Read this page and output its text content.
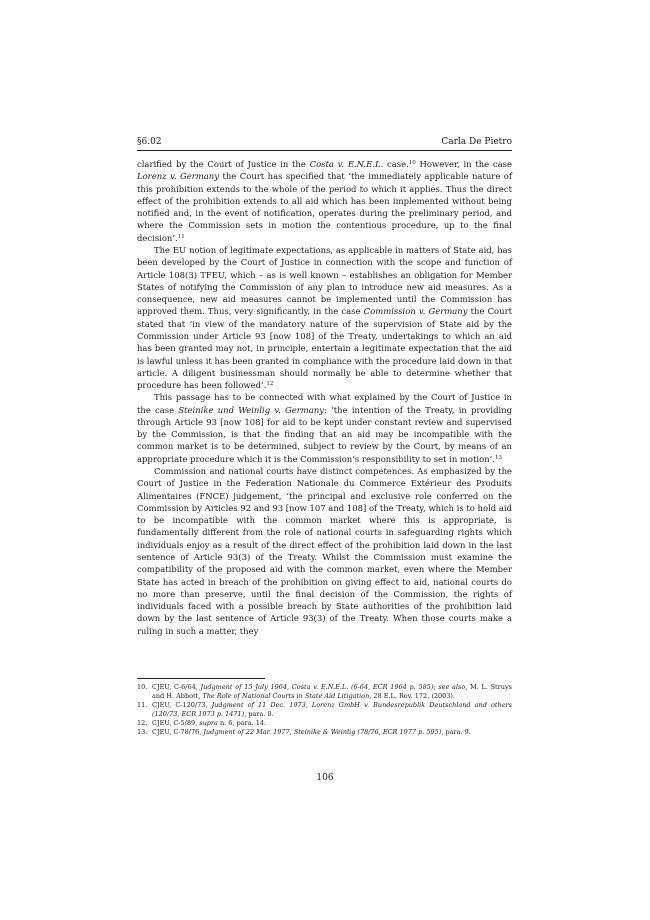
§6.02	Carla De Pietro

clarified by the Court of Justice in the Costa v. E.N.E.L. case.$^{10}$ However, in the case Lorenz v. Germany the Court has specified that ‘the immediately applicable nature of this prohibition extends to the whole of the period to which it applies. Thus the direct effect of the prohibition extends to all aid which has been implemented without being notified and, in the event of notification, operates during the preliminary period, and where the Commission sets in motion the contentious procedure, up to the final decision’.$^{11}$

The EU notion of legitimate expectations, as applicable in matters of State aid, has been developed by the Court of Justice in connection with the scope and function of Article 108(3) TFEU, which – as is well known – establishes an obligation for Member States of notifying the Commission of any plan to introduce new aid measures. As a consequence, new aid measures cannot be implemented until the Commission has approved them. Thus, very significantly, in the case Commission v. Germany the Court stated that ‘in view of the mandatory nature of the supervision of State aid by the Commission under Article 93 [now 108] of the Treaty, undertakings to which an aid has been granted may not, in principle, entertain a legitimate expectation that the aid is lawful unless it has been granted in compliance with the procedure laid down in that article. A diligent businessman should normally be able to determine whether that procedure has been followed’.$^{12}$

This passage has to be connected with what explained by the Court of Justice in the case Steinike und Weinlig v. Germany: ‘the intention of the Treaty, in providing through Article 93 [now 108] for aid to be kept under constant review and supervised by the Commission, is that the finding that an aid may be incompatible with the common market is to be determined, subject to review by the Court, by means of an appropriate procedure which it is the Commission’s responsibility to set in motion’.$^{13}$

Commission and national courts have distinct competences. As emphasized by the Court of Justice in the Federation Nationale du Commerce Extérieur des Produits Alimentaires (FNCE) judgement, ‘the principal and exclusive role conferred on the Commission by Articles 92 and 93 [now 107 and 108] of the Treaty, which is to hold aid to be incompatible with the common market where this is appropriate, is fundamentally different from the role of national courts in safeguarding rights which individuals enjoy as a result of the direct effect of the prohibition laid down in the last sentence of Article 93(3) of the Treaty. Whilst the Commission must examine the compatibility of the proposed aid with the common market, even where the Member State has acted in breach of the prohibition on giving effect to aid, national courts do no more than preserve, until the final decision of the Commission, the rights of individuals faced with a possible breach by State authorities of the prohibition laid down by the last sentence of Article 93(3) of the Treaty. When those courts make a ruling in such a matter, they

10. CJEU, C-6/64, Judgment of 15 July 1964, Costa v. E.N.E.L. (6-64, ECR 1964 p. 585); see also, M. L. Struys and H. Abbott, The Role of National Courts in State Aid Litigation, 28 E.L. Rev. 172, (2003).
11. CJEU, C-120/73, Judgment of 11 Dec. 1973, Lorenz GmbH v. Bundesrepublik Deutschland and others (120/73, ECR 1973 p. 1471), para. 8.
12. CJEU, C-5/89, supra n. 6, para. 14.
13. CJEU, C-78/76, Judgment of 22 Mar. 1977, Steinike & Weinlig (78/76, ECR 1977 p. 595), para. 9.
106
